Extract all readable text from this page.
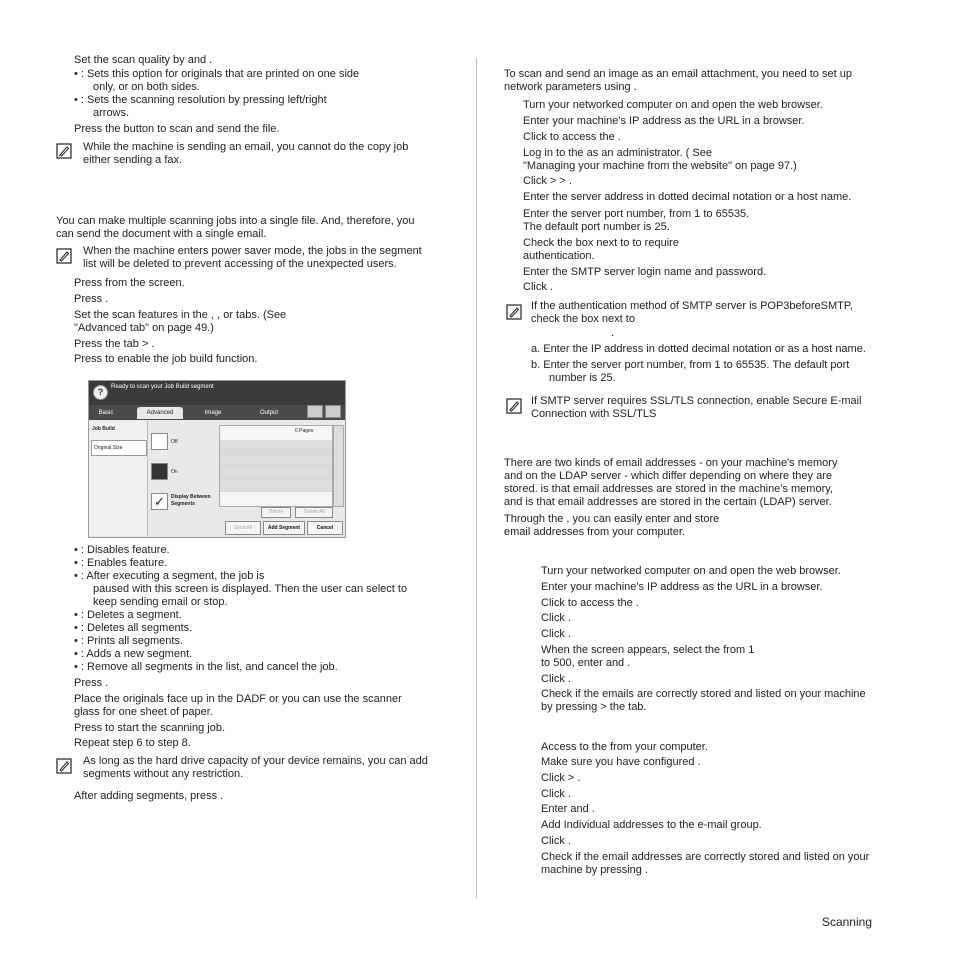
Set the scan quality by and .
• : Sets this option for originals that are printed on one side
only, or on both sides.
• : Sets the scanning resolution by pressing left/right
arrows.
Press the button to scan and send the file.
While the machine is sending an email, you cannot do the copy job
either sending a fax.
You can make multiple scanning jobs into a single file. And, therefore, you
can send the document with a single email.
When the machine enters power saver mode, the jobs in the segment
list will be deleted to prevent accessing of the unexpected users.
Press from the screen.
Press .
Set the scan features in the , , or tabs. (See
"Advanced tab" on page 49.)
Press the tab > .
Press to enable the job build function.
?	Ready to scan your Job Build segment
Basic	Advanced	Image	Output
Job Build
Original Size
Off
On
✓	Display Between
Segments
0 Pages
Delete	Delete All
Send All	Add Segment	Cancel
• : Disables feature.
• : Enables feature.
• : After executing a segment, the job is
paused with this screen is displayed. Then the user can select to
keep sending email or stop.
• : Deletes a segment.
• : Deletes all segments.
• : Prints all segments.
• : Adds a new segment.
• : Remove all segments in the list, and cancel the job.
Press .
Place the originals face up in the DADF or you can use the scanner
glass for one sheet of paper.
Press to start the scanning job.
Repeat step 6 to step 8.
As long as the hard drive capacity of your device remains, you can add
segments without any restriction.
After adding segments, press .
To scan and send an image as an email attachment, you need to set up
network parameters using .
Turn your networked computer on and open the web browser.
Enter your machine's IP address as the URL in a browser.
Click to access the .
Log in to the as an administrator. ( See
"Managing your machine from the website" on page 97.)
Click > > .
Enter the server address in dotted decimal notation or a host name.
Enter the server port number, from 1 to 65535.
The default port number is 25.
Check the box next to to require
authentication.
Enter the SMTP server login name and password.
Click .
If the authentication method of SMTP server is POP3beforeSMTP,
check the box next to
.
a. Enter the IP address in dotted decimal notation or as a host name.
b. Enter the server port number, from 1 to 65535. The default port
number is 25.
If SMTP server requires SSL/TLS connection, enable Secure E-mail
Connection with SSL/TLS
There are two kinds of email addresses - on your machine's memory
and on the LDAP server - which differ depending on where they are
stored. is that email addresses are stored in the machine's memory,
and is that email addresses are stored in the certain (LDAP) server.
Through the , you can easily enter and store
email addresses from your computer.
Turn your networked computer on and open the web browser.
Enter your machine's IP address as the URL in a browser.
Click to access the .
Click .
Click .
When the screen appears, select the from 1
to 500, enter and .
Click .
Check if the emails are correctly stored and listed on your machine
by pressing > the tab.
Access to the from your computer.
Make sure you have configured .
Click > .
Click .
Enter and .
Add Individual addresses to the e-mail group.
Click .
Check if the email addresses are correctly stored and listed on your
machine by pressing .
Scanning
